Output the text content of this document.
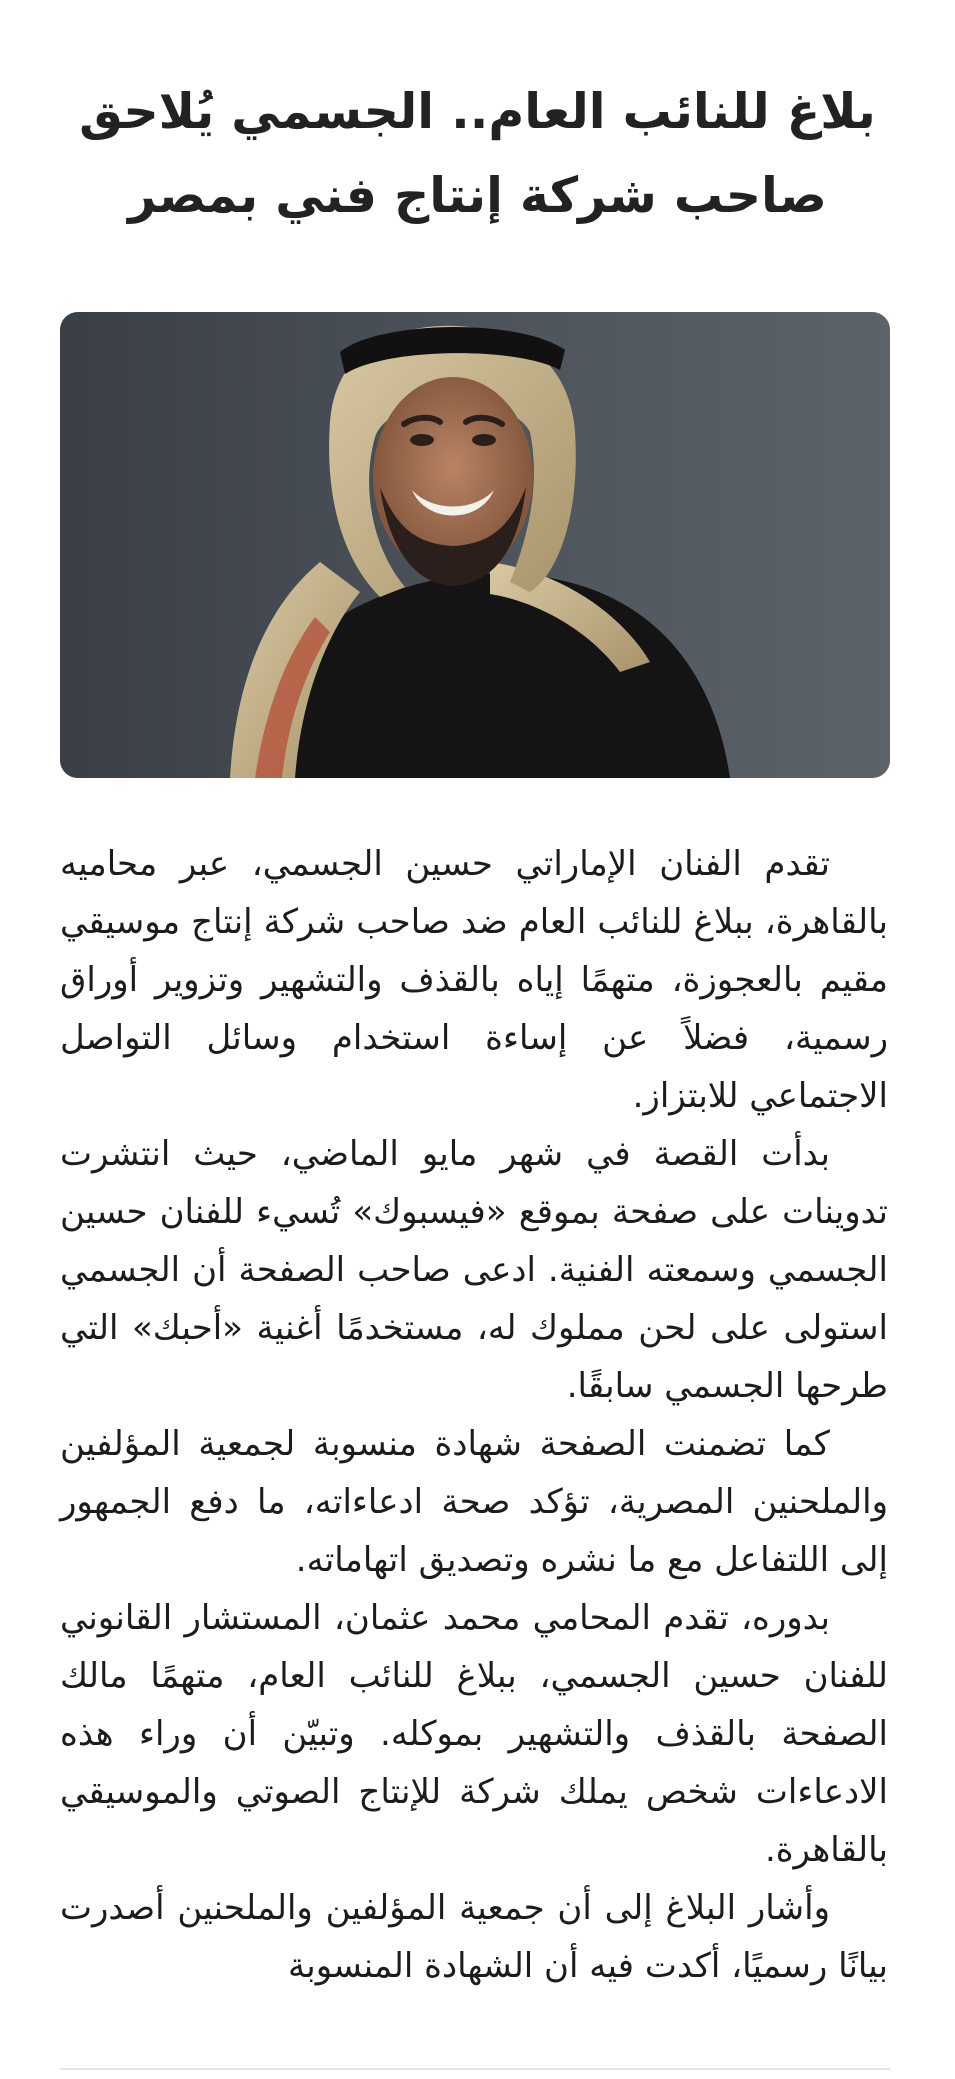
بلاغ للنائب العام.. الجسمي يُلاحق
صاحب شركة إنتاج فني بمصر

تقدم الفنان الإماراتي حسين الجسمي، عبر محاميه بالقاهرة، ببلاغ للنائب العام ضد صاحب شركة إنتاج موسيقي مقيم بالعجوزة، متهمًا إياه بالقذف والتشهير وتزوير أوراق رسمية، فضلاً عن إساءة استخدام وسائل التواصل الاجتماعي للابتزاز.

بدأت القصة في شهر مايو الماضي، حيث انتشرت تدوينات على صفحة بموقع «فيسبوك» تُسيء للفنان حسين الجسمي وسمعته الفنية. ادعى صاحب الصفحة أن الجسمي استولى على لحن مملوك له، مستخدمًا أغنية «أحبك» التي طرحها الجسمي سابقًا.

كما تضمنت الصفحة شهادة منسوبة لجمعية المؤلفين والملحنين المصرية، تؤكد صحة ادعاءاته، ما دفع الجمهور إلى اللتفاعل مع ما نشره وتصديق اتهاماته.

بدوره، تقدم المحامي محمد عثمان، المستشار القانوني للفنان حسين الجسمي، ببلاغ للنائب العام، متهمًا مالك الصفحة بالقذف والتشهير بموكله. وتبيّن أن وراء هذه الادعاءات شخص يملك شركة للإنتاج الصوتي والموسيقي بالقاهرة.

وأشار البلاغ إلى أن جمعية المؤلفين والملحنين أصدرت بيانًا رسميًا، أكدت فيه أن الشهادة المنسوبة
